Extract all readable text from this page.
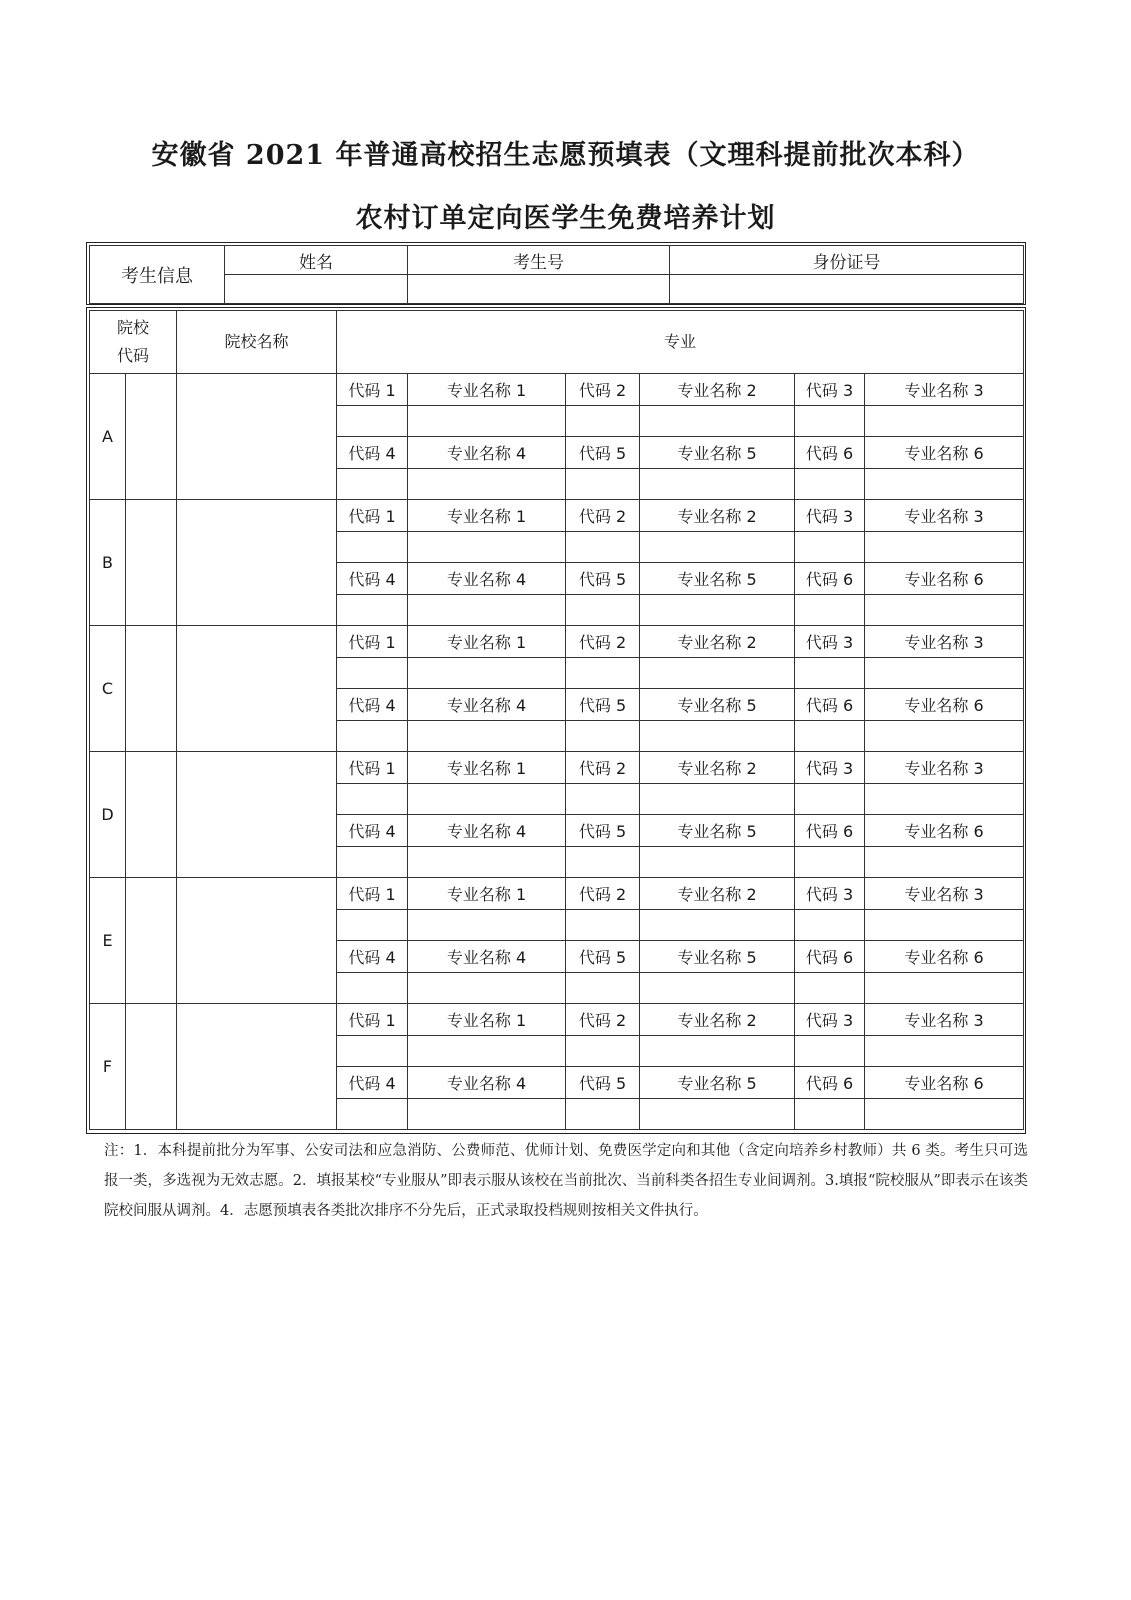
安徽省 2021 年普通高校招生志愿预填表（文理科提前批次本科）
农村订单定向医学生免费培养计划
考生信息	姓名	考生号	身份证号

院校
代码		院校名称	专业					
A			代码 1	专业名称 1	代码 2	专业名称 2	代码 3	专业名称 3

			代码 4	专业名称 4	代码 5	专业名称 5	代码 6	专业名称 6

B			代码 1	专业名称 1	代码 2	专业名称 2	代码 3	专业名称 3

			代码 4	专业名称 4	代码 5	专业名称 5	代码 6	专业名称 6

C			代码 1	专业名称 1	代码 2	专业名称 2	代码 3	专业名称 3

			代码 4	专业名称 4	代码 5	专业名称 5	代码 6	专业名称 6

D			代码 1	专业名称 1	代码 2	专业名称 2	代码 3	专业名称 3

			代码 4	专业名称 4	代码 5	专业名称 5	代码 6	专业名称 6

E			代码 1	专业名称 1	代码 2	专业名称 2	代码 3	专业名称 3

			代码 4	专业名称 4	代码 5	专业名称 5	代码 6	专业名称 6

F			代码 1	专业名称 1	代码 2	专业名称 2	代码 3	专业名称 3

			代码 4	专业名称 4	代码 5	专业名称 5	代码 6	专业名称 6

注：1．本科提前批分为军事、公安司法和应急消防、公费师范、优师计划、免费医学定向和其他（含定向培养乡村教师）共 6 类。考生只可选报一类，多选视为无效志愿。2．填报某校“专业服从”即表示服从该校在当前批次、当前科类各招生专业间调剂。3.填报“院校服从”即表示在该类院校间服从调剂。4．志愿预填表各类批次排序不分先后，正式录取投档规则按相关文件执行。
